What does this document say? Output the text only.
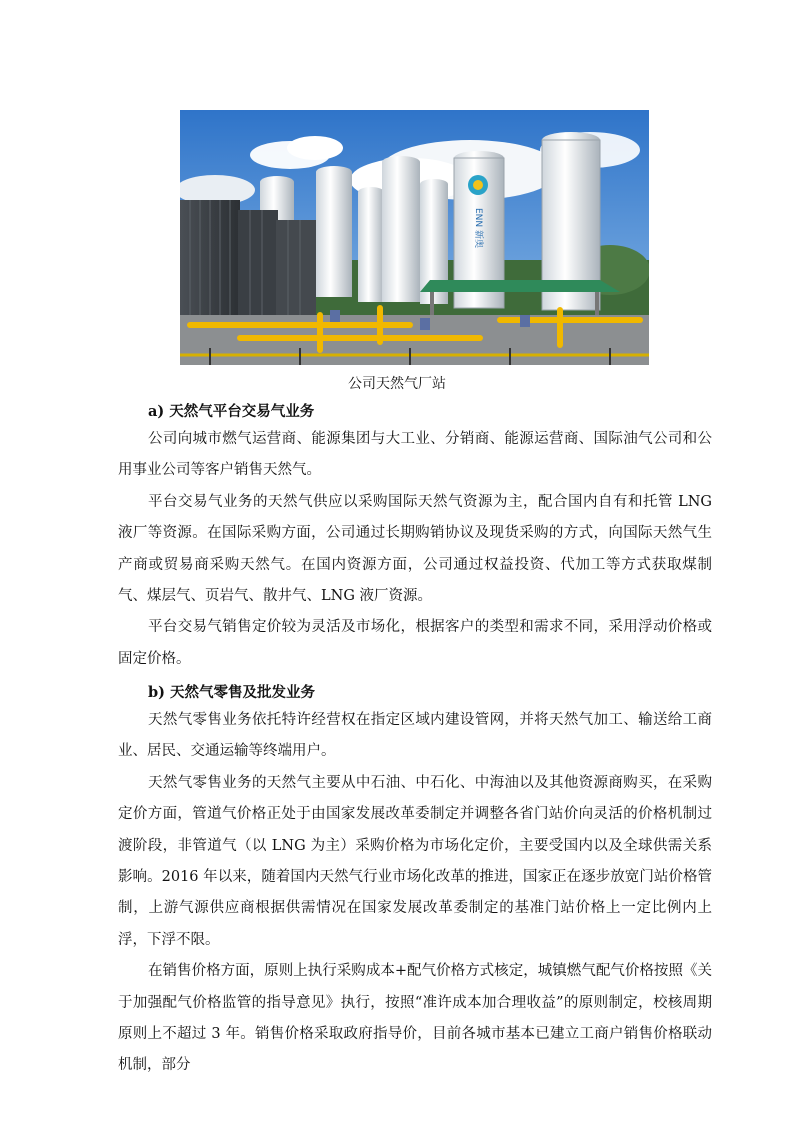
ENN 新奥
公司天然气厂站
a) 天然气平台交易气业务

公司向城市燃气运营商、能源集团与大工业、分销商、能源运营商、国际油气公司和公用事业公司等客户销售天然气。

平台交易气业务的天然气供应以采购国际天然气资源为主，配合国内自有和托管 LNG 液厂等资源。在国际采购方面，公司通过长期购销协议及现货采购的方式，向国际天然气生产商或贸易商采购天然气。在国内资源方面，公司通过权益投资、代加工等方式获取煤制气、煤层气、页岩气、散井气、LNG 液厂资源。

平台交易气销售定价较为灵活及市场化，根据客户的类型和需求不同，采用浮动价格或固定价格。

b) 天然气零售及批发业务

天然气零售业务依托特许经营权在指定区域内建设管网，并将天然气加工、输送给工商业、居民、交通运输等终端用户。

天然气零售业务的天然气主要从中石油、中石化、中海油以及其他资源商购买，在采购定价方面，管道气价格正处于由国家发展改革委制定并调整各省门站价向灵活的价格机制过渡阶段，非管道气（以 LNG 为主）采购价格为市场化定价，主要受国内以及全球供需关系影响。2016 年以来，随着国内天然气行业市场化改革的推进，国家正在逐步放宽门站价格管制，上游气源供应商根据供需情况在国家发展改革委制定的基准门站价格上一定比例内上浮，下浮不限。

在销售价格方面，原则上执行采购成本+配气价格方式核定，城镇燃气配气价格按照《关于加强配气价格监管的指导意见》执行，按照“准许成本加合理收益”的原则制定，校核周期原则上不超过 3 年。销售价格采取政府指导价，目前各城市基本已建立工商户销售价格联动机制，部分
